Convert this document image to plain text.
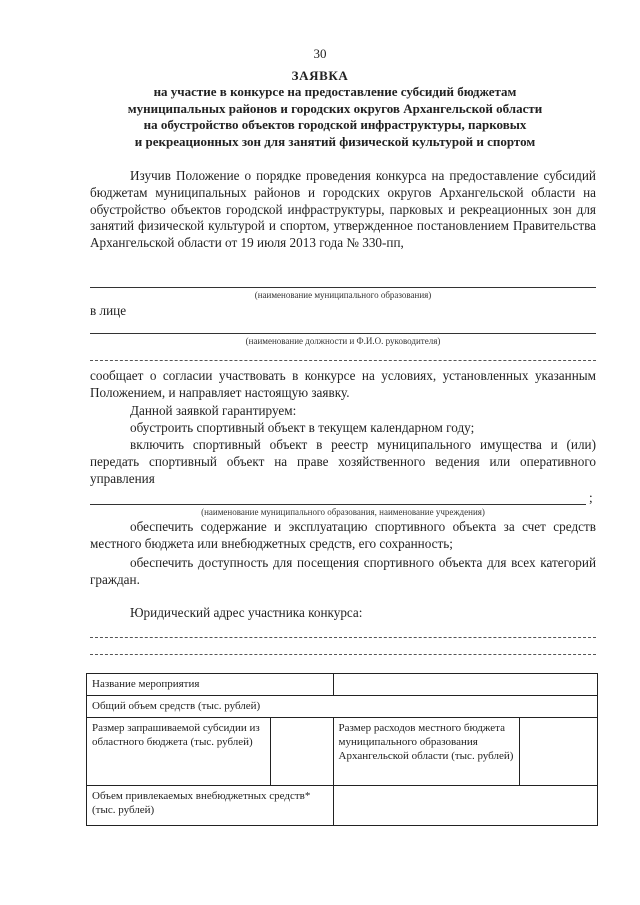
30
ЗАЯВКА
на участие в конкурсе на предоставление субсидий бюджетам
муниципальных районов и городских округов Архангельской области
на обустройство объектов городской инфраструктуры, парковых
и рекреационных зон для занятий физической культурой и спортом
Изучив Положение о порядке проведения конкурса на предоставление субсидий бюджетам муниципальных районов и городских округов Архангельской области на обустройство объектов городской инфраструктуры, парковых и рекреационных зон для занятий физической культурой и спортом, утвержденное постановлением Правительства Архангельской области от 19 июля 2013 года № 330-пп,
(наименование муниципального образования)
в лице
(наименование должности и Ф.И.О. руководителя)
сообщает о согласии участвовать в конкурсе на условиях, установленных указанным Положением, и направляет настоящую заявку.
Данной заявкой гарантируем:
обустроить спортивный объект в текущем календарном году;
включить спортивный объект в реестр муниципального имущества и (или) передать спортивный объект на праве хозяйственного ведения или оперативного управления
;
(наименование муниципального образования, наименование учреждения)
обеспечить содержание и эксплуатацию спортивного объекта за счет средств местного бюджета или внебюджетных средств, его сохранность;
обеспечить доступность для посещения спортивного объекта для всех категорий граждан.
Юридический адрес участника конкурса:
Название мероприятия			
Общий объем средств (тыс. рублей)			
Размер запрашиваемой субсидии из областного бюджета (тыс. рублей)		Размер расходов местного бюджета муниципального образования Архангельской области (тыс. рублей)	
Объем привлекаемых внебюджетных средств* (тыс. рублей)			
